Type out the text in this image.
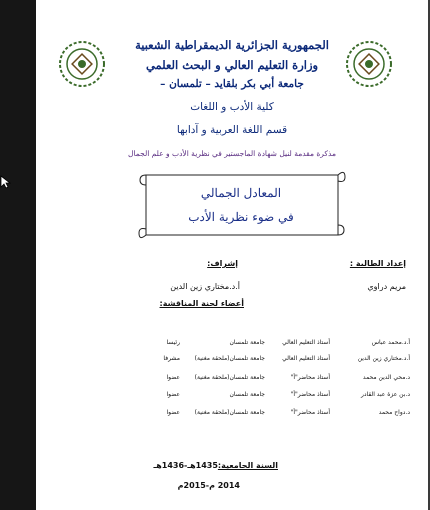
الجمهورية الجزائرية الديمقراطية الشعبية
وزارة التعليم العالي و البحث العلمي
جامعة أبي بكر بلقايد – تلمسان –
كلية الأدب و اللغات
قسم اللغة العربية و آدابها
مذكرة مقدمة لنيل شهادة الماجستير في نظرية الأدب و علم الجمال
المعادل الجمالي
في ضوء نظرية الأدب
إعداد الطالبة :
إشراف:
مريم دراوي
أ.د.مختاري زين الدين
أعضاء لجنة المناقشة:
أ.د.محمد عباس
أستاذ التعليم العالي
جامعة تلمسان
رئيسا
أ.د.مختاري زين الدين
أستاذ التعليم العالي
جامعة تلمسان(ملحقة مغنية)
مشرفا
د.محي الدين محمد
أستاذ محاضر"أ"
جامعة تلمسان(ملحقة مغنية)
عضوا
د.بن عزة عبد القادر
أستاذ محاضر"أ"
جامعة تلمسان
عضوا
د.دواح محمد
أستاذ محاضر"أ"
جامعة تلمسان(ملحقة مغنية)
عضوا
السنة الجامعية:1435هـ-1436هـ
2014 م-2015م
